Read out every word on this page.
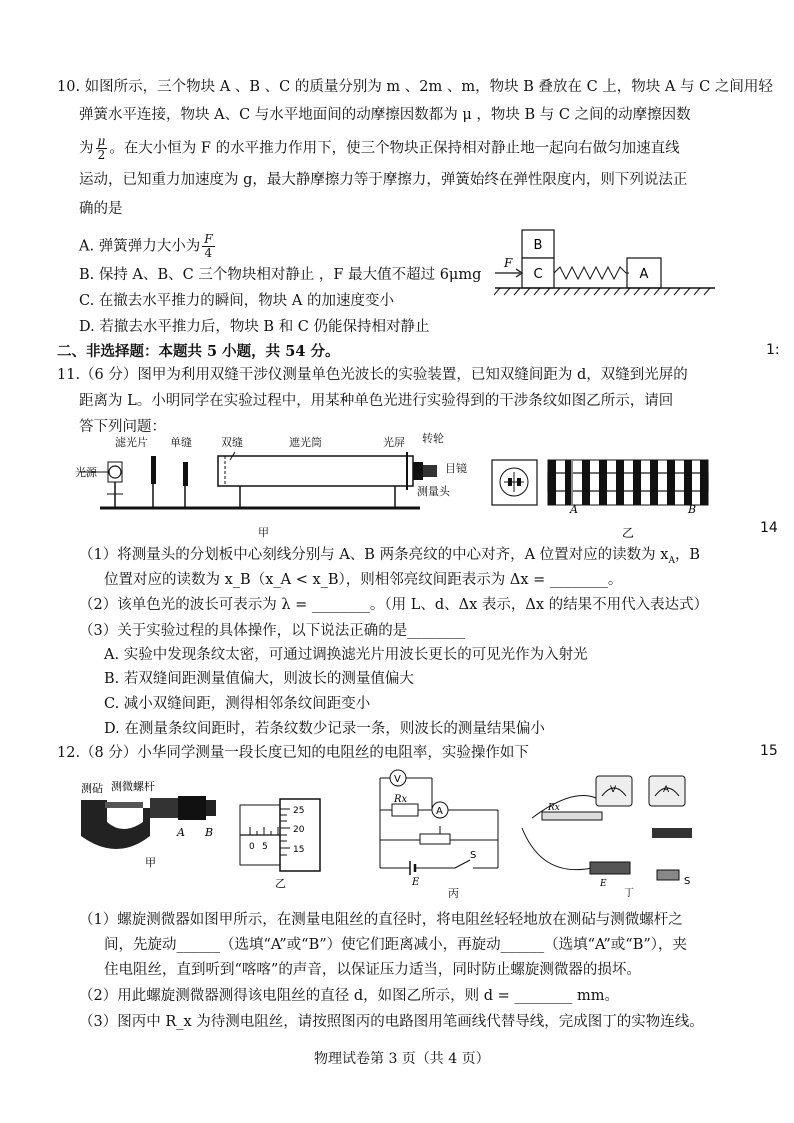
10. 如图所示，三个物块 A 、B 、C 的质量分别为 m 、2m 、m，物块 B 叠放在 C 上，物块 A 与 C 之间用轻
弹簧水平连接，物块 A、C 与水平地面间的动摩擦因数都为 μ ，物块 B 与 C 之间的动摩擦因数
为 $\frac{\mu}{2}$ 。在大小恒为 F 的水平推力作用下，使三个物块正保持相对静止地一起向右做匀加速直线
运动，已知重力加速度为 g，最大静摩擦力等于摩擦力，弹簧始终在弹性限度内，则下列说法正
确的是
A. 弹簧弹力大小为 $\frac{F}{4}$
B. 保持 A、B、C 三个物块相对静止 ，F 最大值不超过 6μmg
C. 在撤去水平推力的瞬间，物块 A 的加速度变小
D. 若撤去水平推力后，物块 B 和 C 仍能保持相对静止
B
C	A
F
二、非选择题：本题共 5 小题，共 54 分。	1:
11.（6 分）图甲为利用双缝干涉仪测量单色光波长的实验装置，已知双缝间距为 d，双缝到光屏的
距离为 L。小明同学在实验过程中，用某种单色光进行实验得到的干涉条纹如图乙所示，请回
答下列问题：
滤光片 单缝	双缝	遮光筒	光屏 转轮
光源	目镜
测量头
甲
A	B
乙	14
（1）将测量头的分划板中心刻线分别与 A、B 两条亮纹的中心对齐，A 位置对应的读数为 $x_A$，B
位置对应的读数为 x_B（x_A < x_B），则相邻亮纹间距表示为 Δx = ________。
（2）该单色光的波长可表示为 λ = ________。（用 L、d、Δx 表示，Δx 的结果不用代入表达式）
（3）关于实验过程的具体操作，以下说法正确的是________
A. 实验中发现条纹太密，可通过调换滤光片用波长更长的可见光作为入射光
B. 若双缝间距测量值偏大，则波长的测量值偏大
C. 减小双缝间距，测得相邻条纹间距变小
D. 在测量条纹间距时，若条纹数少记录一条，则波长的测量结果偏小
12.（8 分）小华同学测量一段长度已知的电阻丝的电阻率，实验操作如下	15
测砧 测微螺杆
A B
甲
25
20
15
0 5
乙
V
Rx
A
E
S
丙
V	A
Rx
E	S
丁
（1）螺旋测微器如图甲所示，在测量电阻丝的直径时，将电阻丝轻轻地放在测砧与测微螺杆之
间，先旋动______（选填“A”或“B”）使它们距离减小，再旋动______（选填“A”或“B”），夹
住电阻丝，直到听到“喀喀”的声音，以保证压力适当，同时防止螺旋测微器的损坏。
（2）用此螺旋测微器测得该电阻丝的直径 d，如图乙所示，则 d = ________ mm。
（3）图丙中 R_x 为待测电阻丝，请按照图丙的电路图用笔画线代替导线，完成图丁的实物连线。
物理试卷第 3 页（共 4 页）
